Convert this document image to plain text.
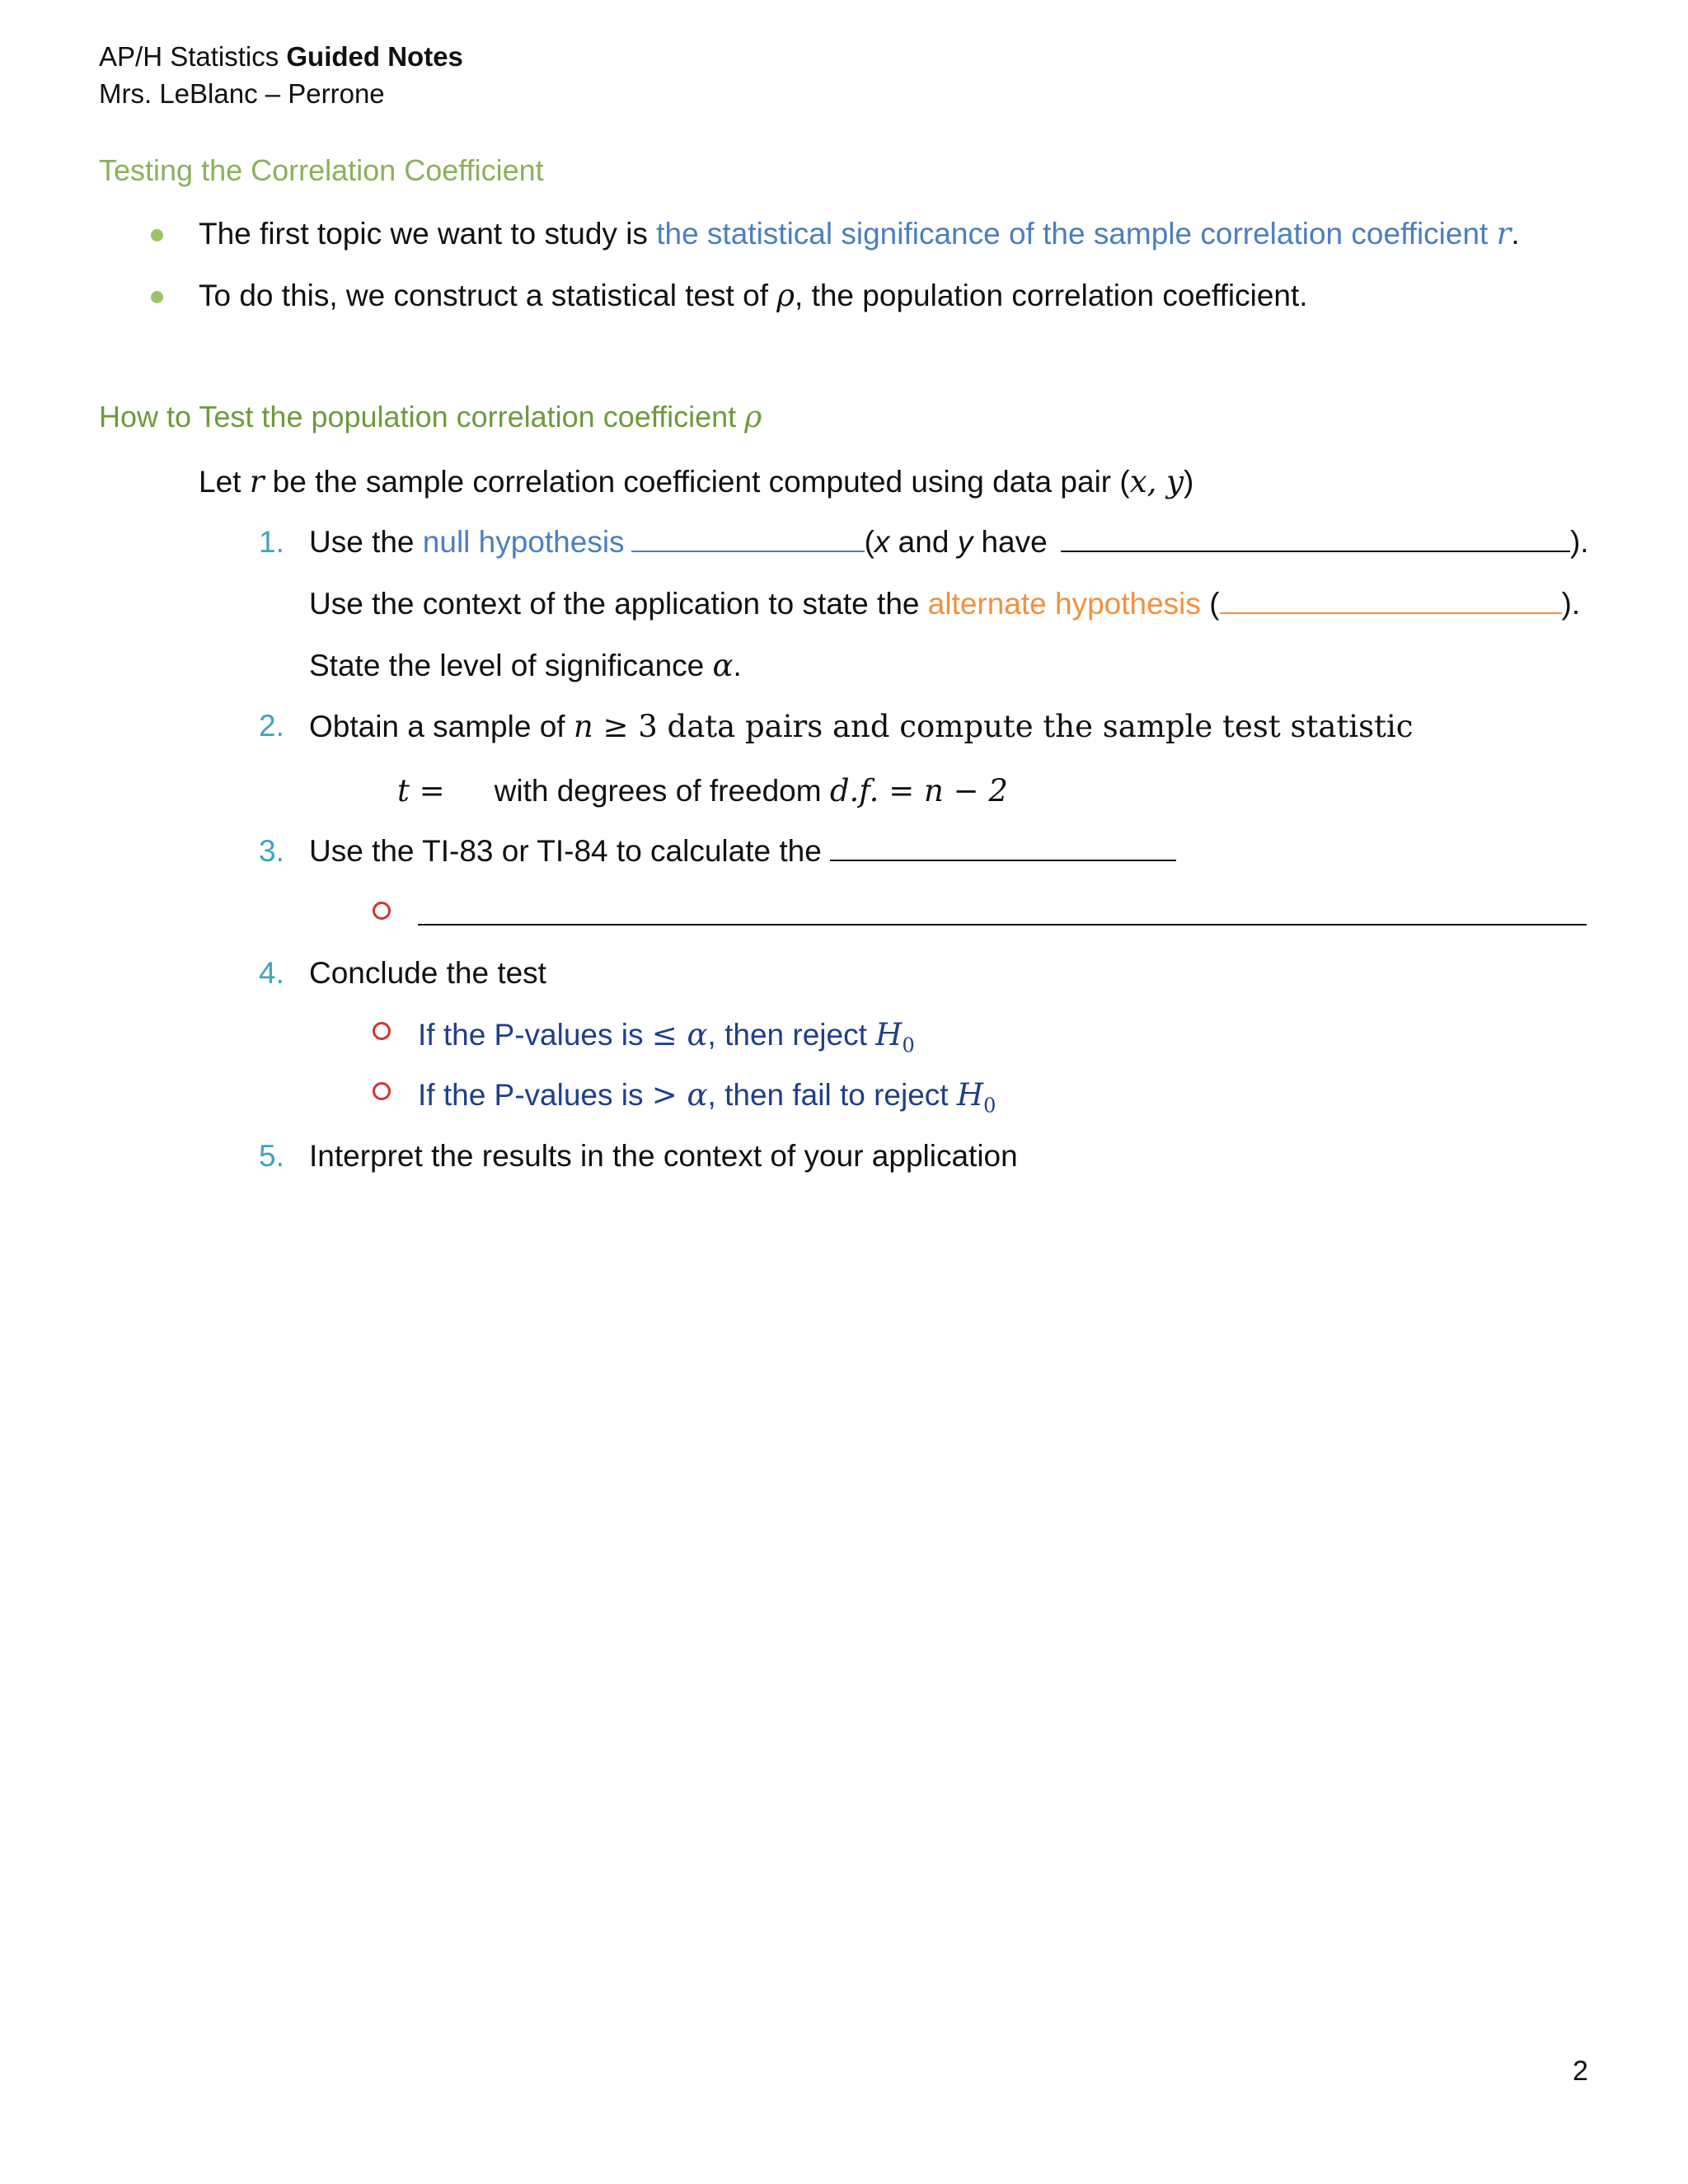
AP/H Statistics Guided Notes
Mrs. LeBlanc – Perrone
Testing the Correlation Coefficient
The first topic we want to study is the statistical significance of the sample correlation coefficient r.
To do this, we construct a statistical test of ρ, the population correlation coefficient.
How to Test the population correlation coefficient ρ
Let r be the sample correlation coefficient computed using data pair (x, y)
1. Use the null hypothesis	(x and y have	).
Use the context of the application to state the alternate hypothesis (	).
State the level of significance α.
2. Obtain a sample of n ≥ 3 data pairs and compute the sample test statistic
t = with degrees of freedom d.f. = n − 2
3. Use the TI-83 or TI-84 to calculate the
4. Conclude the test
If the P-values is ≤ α, then reject $H_0$
If the P-values is > α, then fail to reject $H_0$
5. Interpret the results in the context of your application
2
